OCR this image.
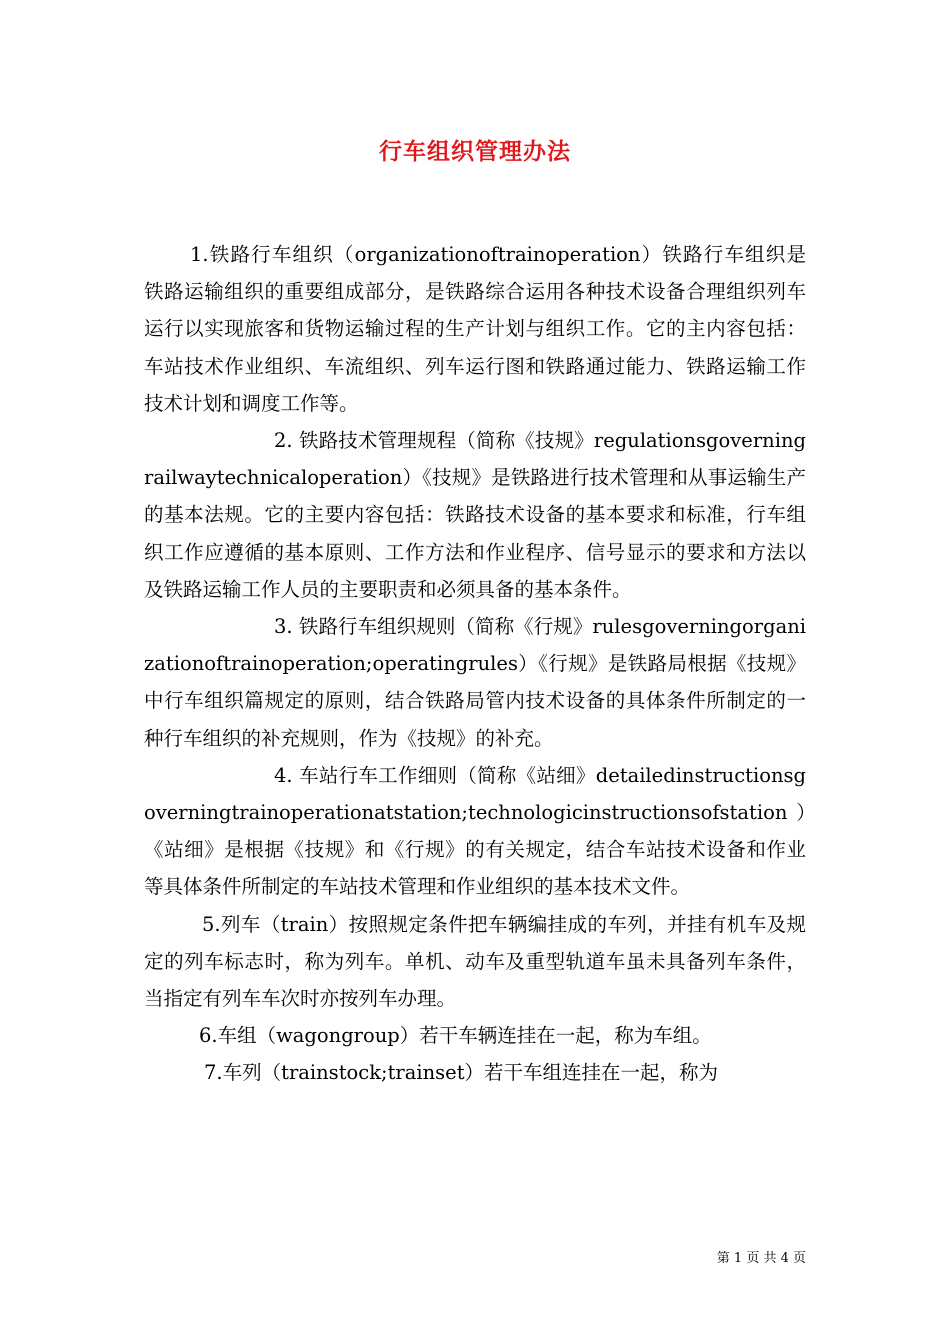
行车组织管理办法

1.铁路行车组织（organizationoftrainoperation）铁路行车组织是铁路运输组织的重要组成部分，是铁路综合运用各种技术设备合理组织列车运行以实现旅客和货物运输过程的生产计划与组织工作。它的主内容包括：车站技术作业组织、车流组织、列车运行图和铁路通过能力、铁路运输工作技术计划和调度工作等。

2. 铁路技术管理规程（简称《技规》regulationsgoverningrailwaytechnicaloperation）《技规》是铁路进行技术管理和从事运输生产的基本法规。它的主要内容包括：铁路技术设备的基本要求和标准，行车组织工作应遵循的基本原则、工作方法和作业程序、信号显示的要求和方法以及铁路运输工作人员的主要职责和必须具备的基本条件。

3. 铁路行车组织规则（简称《行规》rulesgoverningorganizationoftrainoperation;operatingrules）《行规》是铁路局根据《技规》中行车组织篇规定的原则，结合铁路局管内技术设备的具体条件所制定的一种行车组织的补充规则，作为《技规》的补充。

4. 车站行车工作细则（简称《站细》detailedinstructionsgoverningtrainoperationatstation;technologicinstructionsofstation）《站细》是根据《技规》和《行规》的有关规定，结合车站技术设备和作业等具体条件所制定的车站技术管理和作业组织的基本技术文件。

5.列车（train）按照规定条件把车辆编挂成的车列，并挂有机车及规定的列车标志时，称为列车。单机、动车及重型轨道车虽未具备列车条件，当指定有列车车次时亦按列车办理。

6.车组（wagongroup）若干车辆连挂在一起，称为车组。

7.车列（trainstock;trainset）若干车组连挂在一起，称为

第 1 页 共 4 页
